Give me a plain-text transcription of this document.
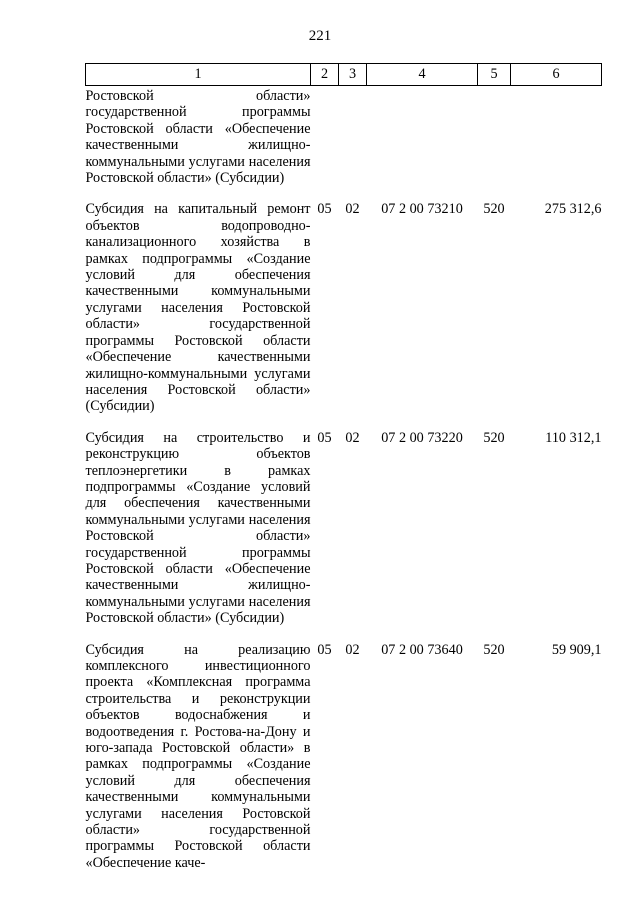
221
1	2	3	4	5	6
Ростовской области» государственной программы Ростовской области «Обеспечение качественными жилищно-коммунальными услугами населения Ростовской области» (Субсидии)					
Субсидия на капитальный ремонт объектов водопроводно-канализационного хозяйства в рамках подпрограммы «Создание условий для обеспечения качественными коммунальными услугами населения Ростовской области» государственной программы Ростовской области «Обеспечение качественными жилищно-коммунальными услугами населения Ростовской области» (Субсидии)	05	02	07 2 00 73210	520	275 312,6
Субсидия на строительство и реконструкцию объектов теплоэнергетики в рамках подпрограммы «Создание условий для обеспечения качественными коммунальными услугами населения Ростовской области» государственной программы Ростовской области «Обеспечение качественными жилищно-коммунальными услугами населения Ростовской области» (Субсидии)	05	02	07 2 00 73220	520	110 312,1
Субсидия на реализацию комплексного инвестиционного проекта «Комплексная программа строительства и реконструкции объектов водоснабжения и водоотведения г. Ростова-на-Дону и юго-запада Ростовской области» в рамках подпрограммы «Создание условий для обеспечения качественными коммунальными услугами населения Ростовской области» государственной программы Ростовской области «Обеспечение каче-	05	02	07 2 00 73640	520	59 909,1
